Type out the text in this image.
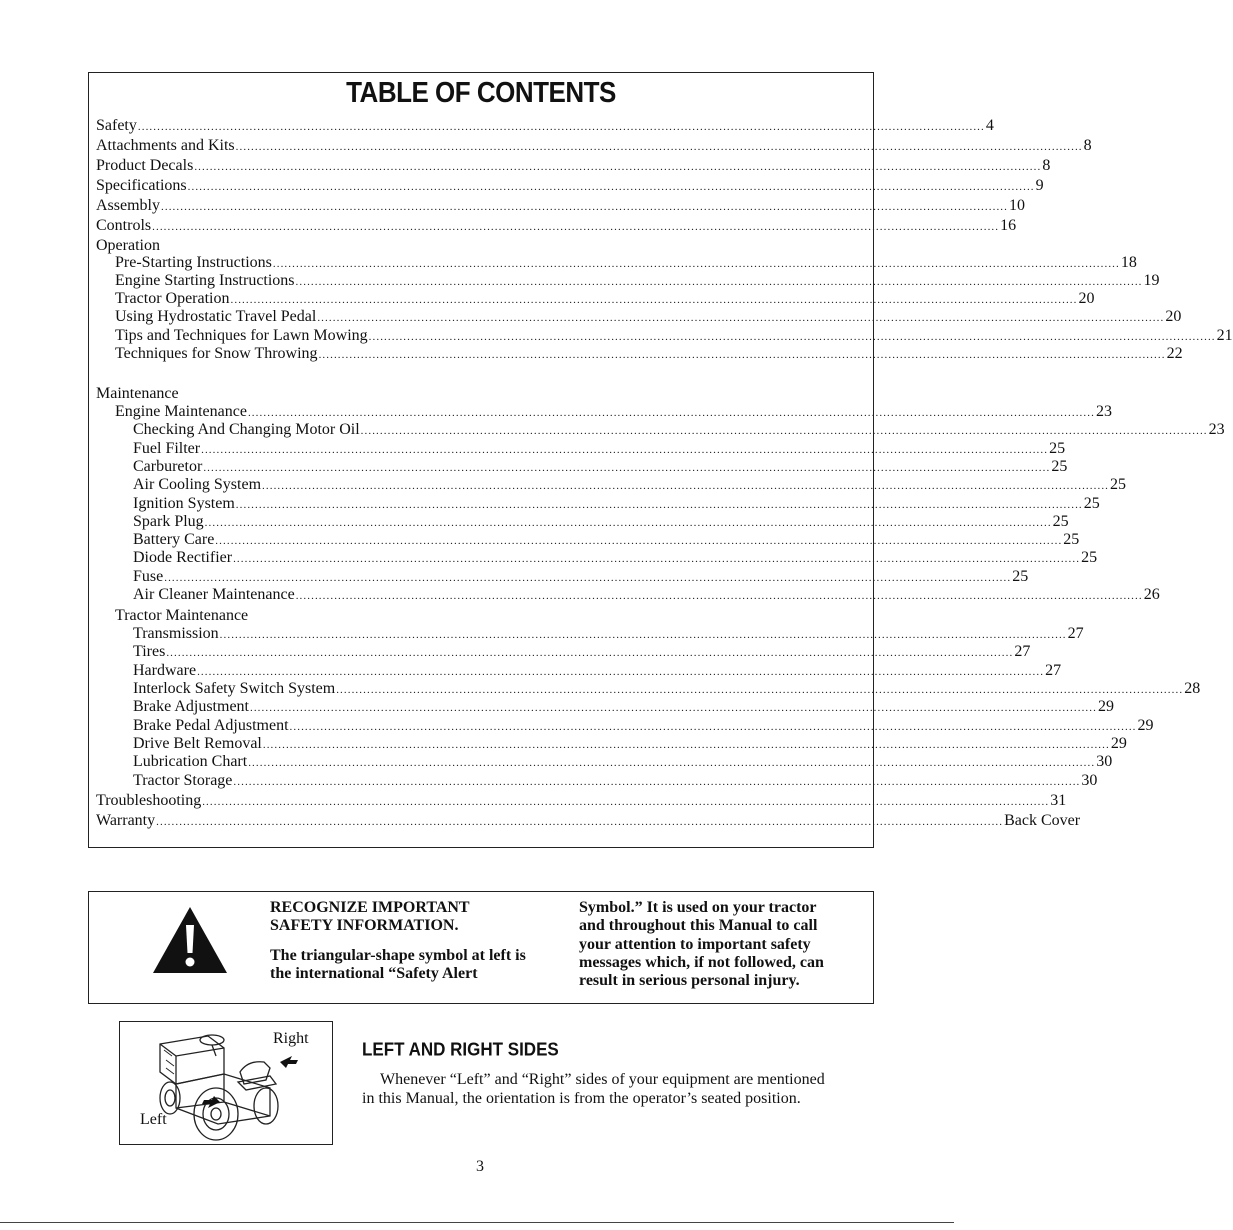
TABLE OF CONTENTS
Safety ............................................................................................................................................................................................................................ 4
Attachments and Kits ............................................................................................................................................................................................................................ 8
Product Decals ............................................................................................................................................................................................................................ 8
Specifications ............................................................................................................................................................................................................................ 9
Assembly ............................................................................................................................................................................................................................ 10
Controls ............................................................................................................................................................................................................................ 16
Operation
Pre-Starting Instructions ............................................................................................................................................................................................................................ 18
Engine Starting Instructions ............................................................................................................................................................................................................................ 19
Tractor Operation ............................................................................................................................................................................................................................ 20
Using Hydrostatic Travel Pedal ............................................................................................................................................................................................................................ 20
Tips and Techniques for Lawn Mowing ............................................................................................................................................................................................................................ 21
Techniques for Snow Throwing ............................................................................................................................................................................................................................ 22
Maintenance
Engine Maintenance ............................................................................................................................................................................................................................ 23
Checking And Changing Motor Oil ............................................................................................................................................................................................................................ 23
Fuel Filter ............................................................................................................................................................................................................................ 25
Carburetor ............................................................................................................................................................................................................................ 25
Air Cooling System ............................................................................................................................................................................................................................ 25
Ignition System ............................................................................................................................................................................................................................ 25
Spark Plug ............................................................................................................................................................................................................................ 25
Battery Care ............................................................................................................................................................................................................................ 25
Diode Rectifier ............................................................................................................................................................................................................................ 25
Fuse ............................................................................................................................................................................................................................ 25
Air Cleaner Maintenance ............................................................................................................................................................................................................................ 26
Tractor Maintenance
Transmission ............................................................................................................................................................................................................................ 27
Tires ............................................................................................................................................................................................................................ 27
Hardware ............................................................................................................................................................................................................................ 27
Interlock Safety Switch System ............................................................................................................................................................................................................................ 28
Brake Adjustment ............................................................................................................................................................................................................................ 29
Brake Pedal Adjustment ............................................................................................................................................................................................................................ 29
Drive Belt Removal ............................................................................................................................................................................................................................ 29
Lubrication Chart ............................................................................................................................................................................................................................ 30
Tractor Storage ............................................................................................................................................................................................................................ 30
Troubleshooting ............................................................................................................................................................................................................................ 31
Warranty ............................................................................................................................................................................................................................ Back Cover
RECOGNIZE IMPORTANT
SAFETY INFORMATION.
The triangular-shape symbol at left is
the international “Safety Alert
Symbol.” It is used on your tractor
and throughout this Manual to call
your attention to important safety
messages which, if not followed, can
result in serious personal injury.
Right
Left
LEFT AND RIGHT SIDES
Whenever “Left” and “Right” sides of your equipment are mentioned
in this Manual, the orientation is from the operator’s seated position.
3
